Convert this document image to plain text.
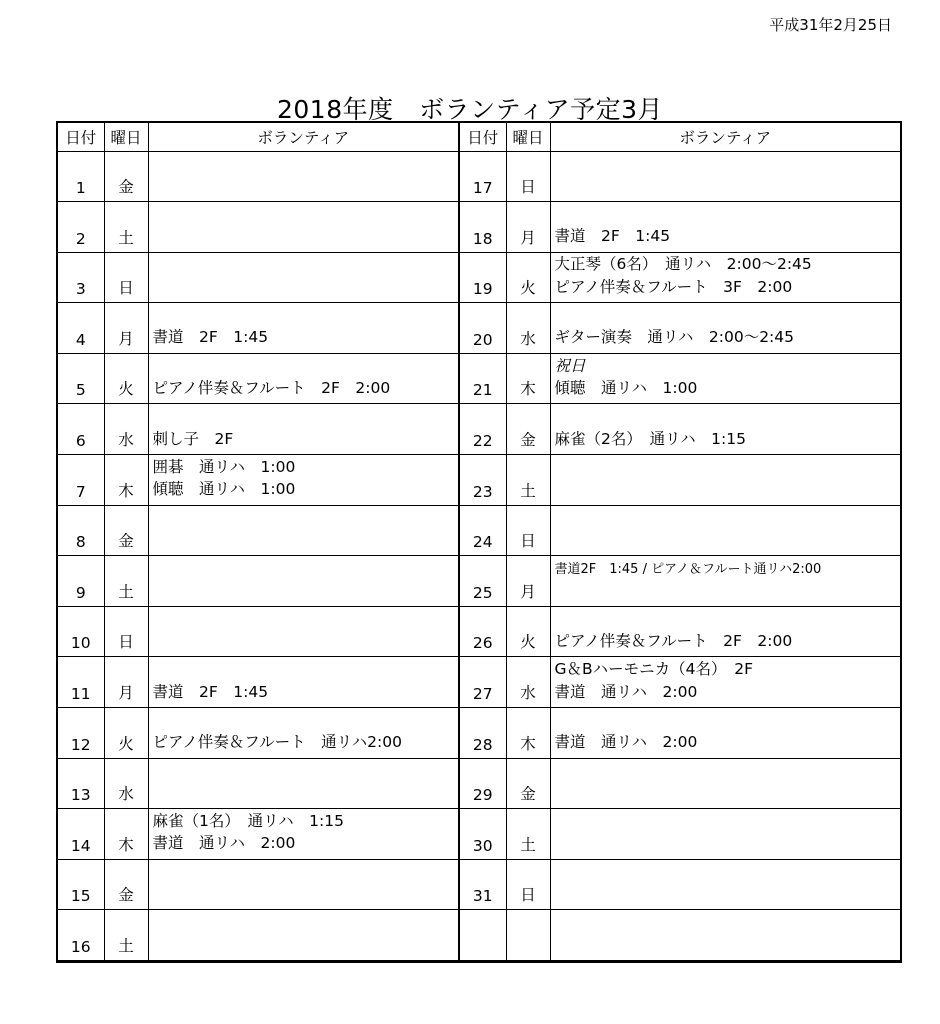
平成31年2月25日
2018年度　ボランティア予定3月
日付	曜日	ボランティア
1	金	
2	土	
3	日	
4	月	書道　2F　1:45

5	火	ピアノ伴奏＆フルート　2F　2:00

6	水	刺し子　2F

7	木	囲碁　通リハ　1:00
傾聴　通リハ　1:00

8	金	
9	土	
10	日	
11	月	書道　2F　1:45

12	火	ピアノ伴奏＆フルート　通リハ2:00

13	水	
14	木	麻雀（1名）　通リハ　1:15
書道　通リハ　2:00

15	金	
16	土	
日付	曜日	ボランティア
17	日	
18	月	書道　2F　1:45

19	火	大正琴（6名）　通リハ　2:00～2:45
ピアノ伴奏＆フルート　3F　2:00

20	水	ギター演奏　通リハ　2:00～2:45

21	木	祝日
傾聴　通リハ　1:00

22	金	麻雀（2名）　通リハ　1:15

23	土	
24	日	
25	月	書道2F　1:45 / ピアノ＆フルート通リハ2:00

26	火	ピアノ伴奏＆フルート　2F　2:00

27	水	G＆Bハーモニカ（4名）　2F
書道　通リハ　2:00

28	木	書道　通リハ　2:00

29	金	
30	土	
31	日	
